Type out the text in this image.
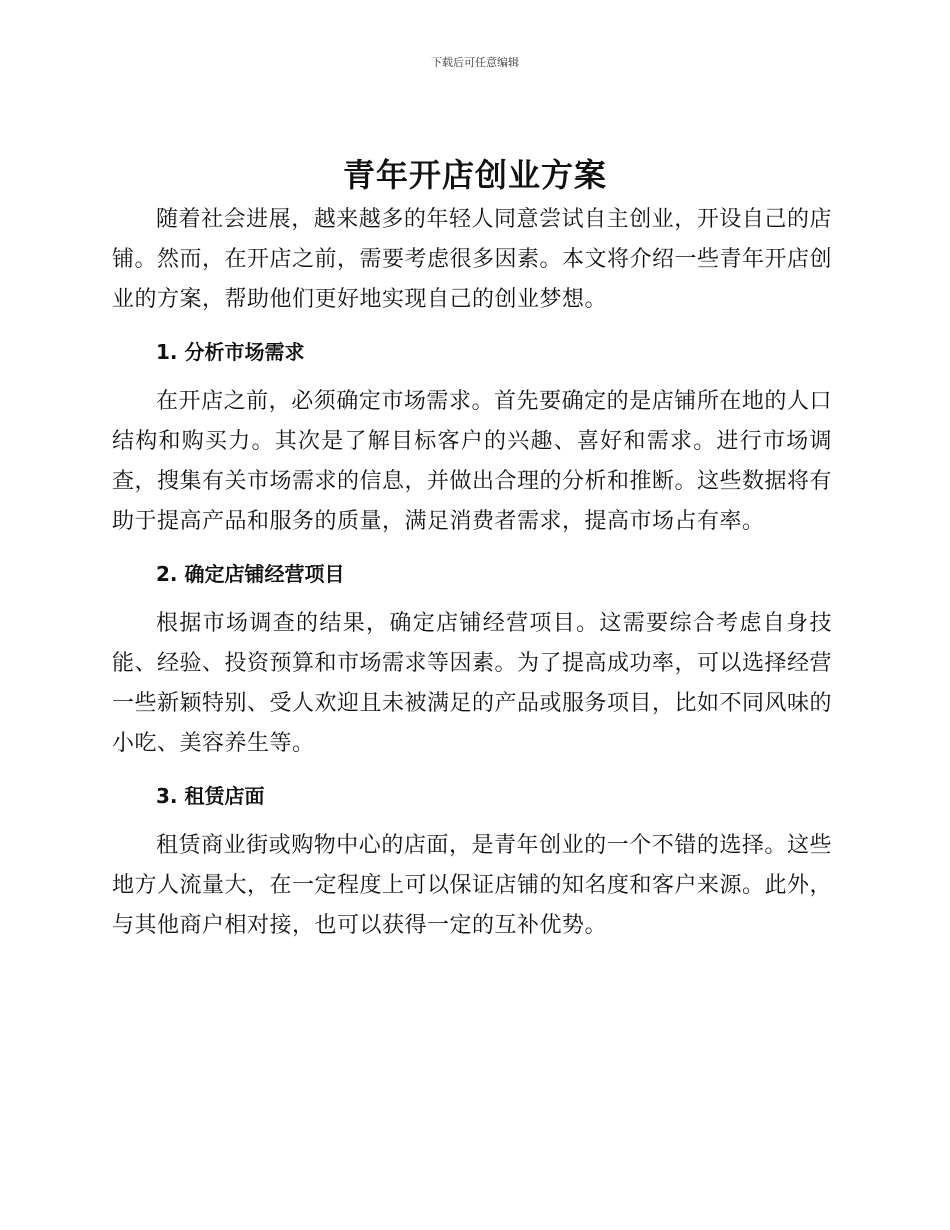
下载后可任意编辑
青年开店创业方案

随着社会进展，越来越多的年轻人同意尝试自主创业，开设自己的店铺。然而，在开店之前，需要考虑很多因素。本文将介绍一些青年开店创业的方案，帮助他们更好地实现自己的创业梦想。

1. 分析市场需求

在开店之前，必须确定市场需求。首先要确定的是店铺所在地的人口结构和购买力。其次是了解目标客户的兴趣、喜好和需求。进行市场调查，搜集有关市场需求的信息，并做出合理的分析和推断。这些数据将有助于提高产品和服务的质量，满足消费者需求，提高市场占有率。

2. 确定店铺经营项目

根据市场调查的结果，确定店铺经营项目。这需要综合考虑自身技能、经验、投资预算和市场需求等因素。为了提高成功率，可以选择经营一些新颖特别、受人欢迎且未被满足的产品或服务项目，比如不同风味的小吃、美容养生等。

3. 租赁店面

租赁商业街或购物中心的店面，是青年创业的一个不错的选择。这些地方人流量大，在一定程度上可以保证店铺的知名度和客户来源。此外，与其他商户相对接，也可以获得一定的互补优势。
